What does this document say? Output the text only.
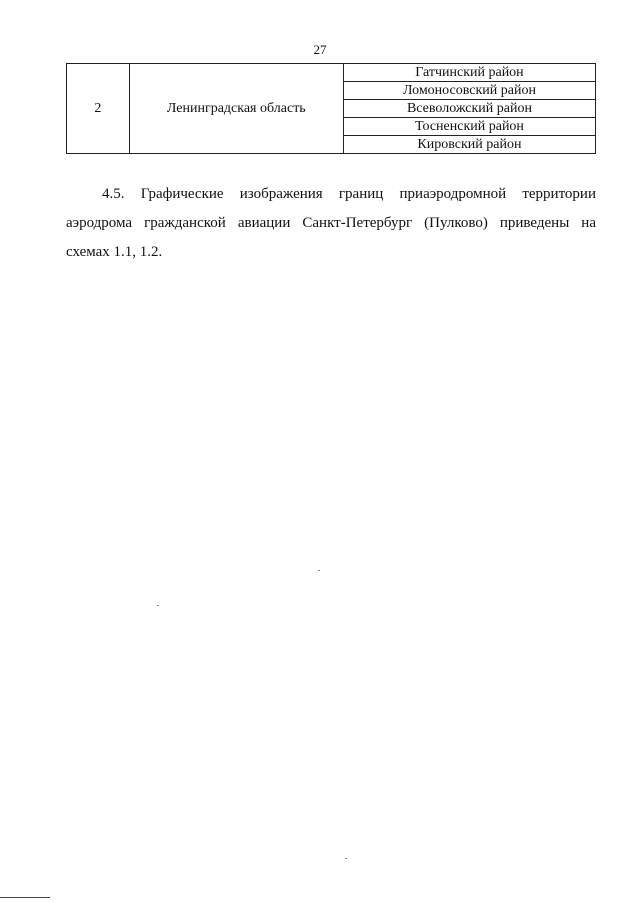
27
2	Ленинградская область	Гатчинский район
Ломоносовский район
Всеволожский район
Тосненский район
Кировский район
4.5. Графические изображения границ приаэродромной территории
аэродрома гражданской авиации Санкт-Петербург (Пулково) приведены на
схемах 1.1, 1.2.
